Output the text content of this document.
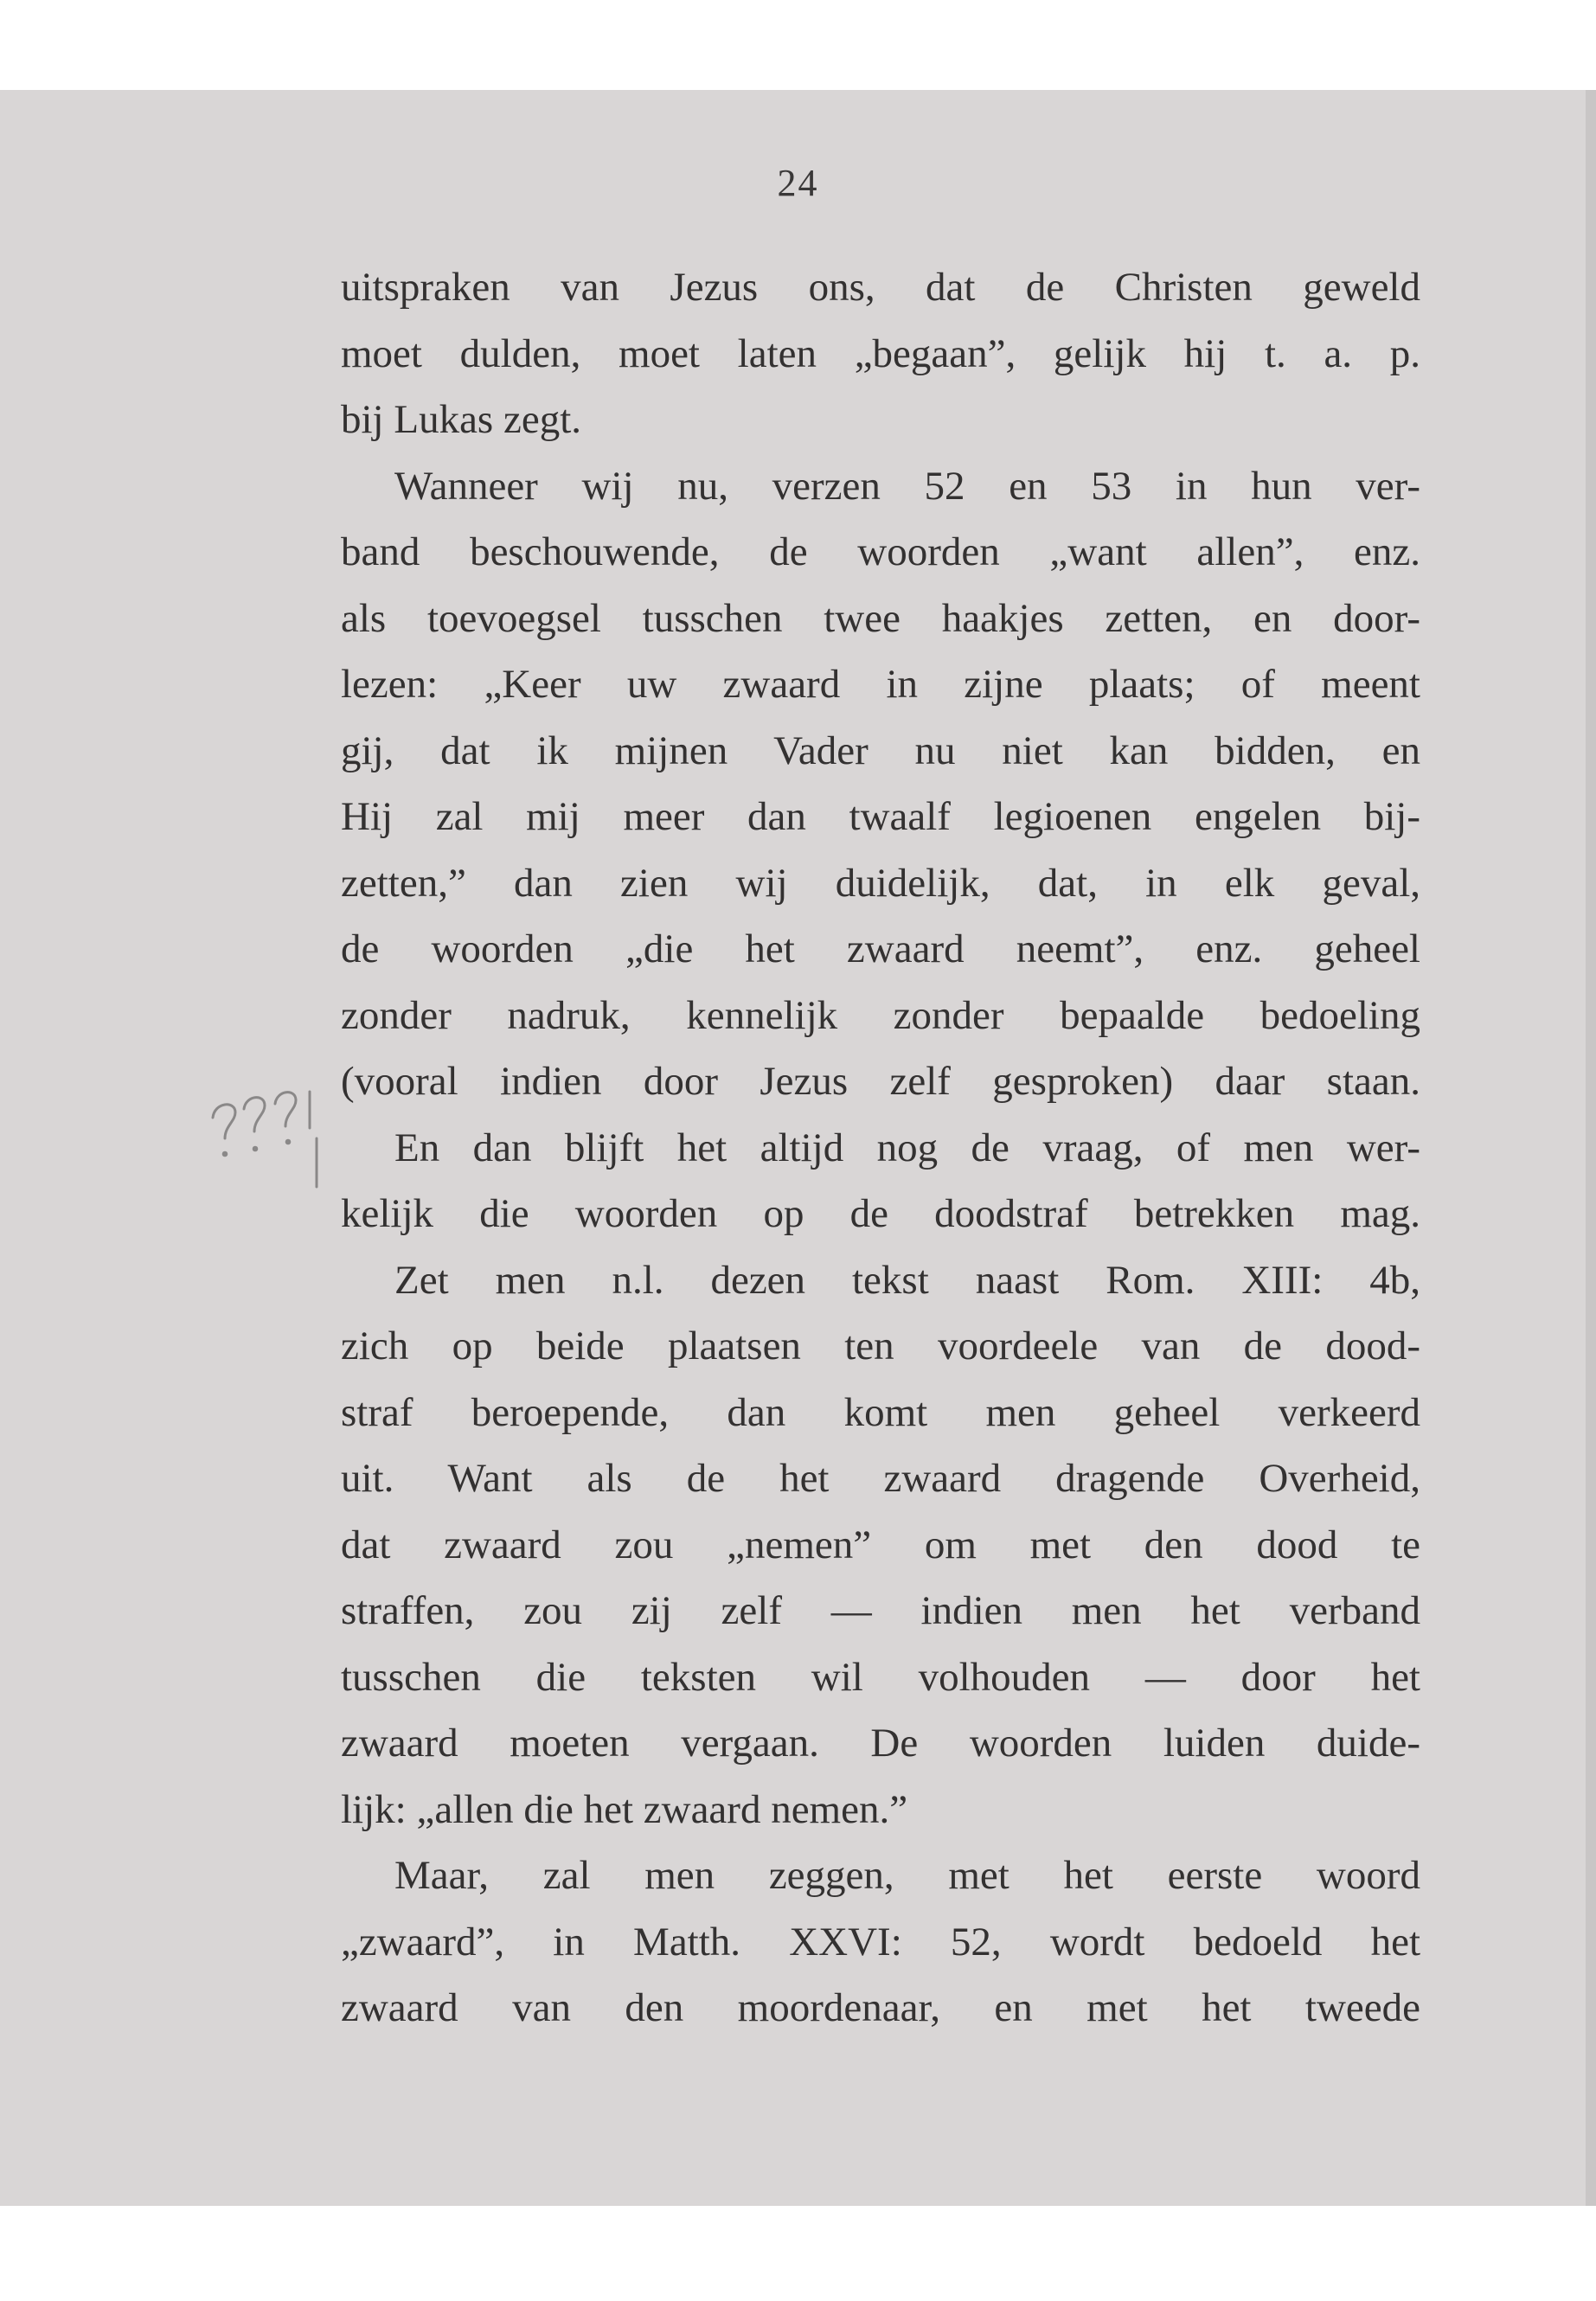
24
uitspraken van Jezus ons, dat de Christen geweld
moet dulden, moet laten „begaan”, gelijk hij t. a. p.
bij Lukas zegt.
Wanneer wij nu, verzen 52 en 53 in hun ver-
band beschouwende, de woorden „want allen”, enz.
als toevoegsel tusschen twee haakjes zetten, en door-
lezen: „Keer uw zwaard in zijne plaats; of meent
gij, dat ik mijnen Vader nu niet kan bidden, en
Hij zal mij meer dan twaalf legioenen engelen bij-
zetten,” dan zien wij duidelijk, dat, in elk geval,
de woorden „die het zwaard neemt”, enz. geheel
zonder nadruk, kennelijk zonder bepaalde bedoeling
(vooral indien door Jezus zelf gesproken) daar staan.
En dan blijft het altijd nog de vraag, of men wer-
kelijk die woorden op de doodstraf betrekken mag.
Zet men n.l. dezen tekst naast Rom. XIII: 4b,
zich op beide plaatsen ten voordeele van de dood-
straf beroepende, dan komt men geheel verkeerd
uit. Want als de het zwaard dragende Overheid,
dat zwaard zou „nemen” om met den dood te
straffen, zou zij zelf — indien men het verband
tusschen die teksten wil volhouden — door het
zwaard moeten vergaan. De woorden luiden duide-
lijk: „allen die het zwaard nemen.”
Maar, zal men zeggen, met het eerste woord
„zwaard”, in Matth. XXVI: 52, wordt bedoeld het
zwaard van den moordenaar, en met het tweede
